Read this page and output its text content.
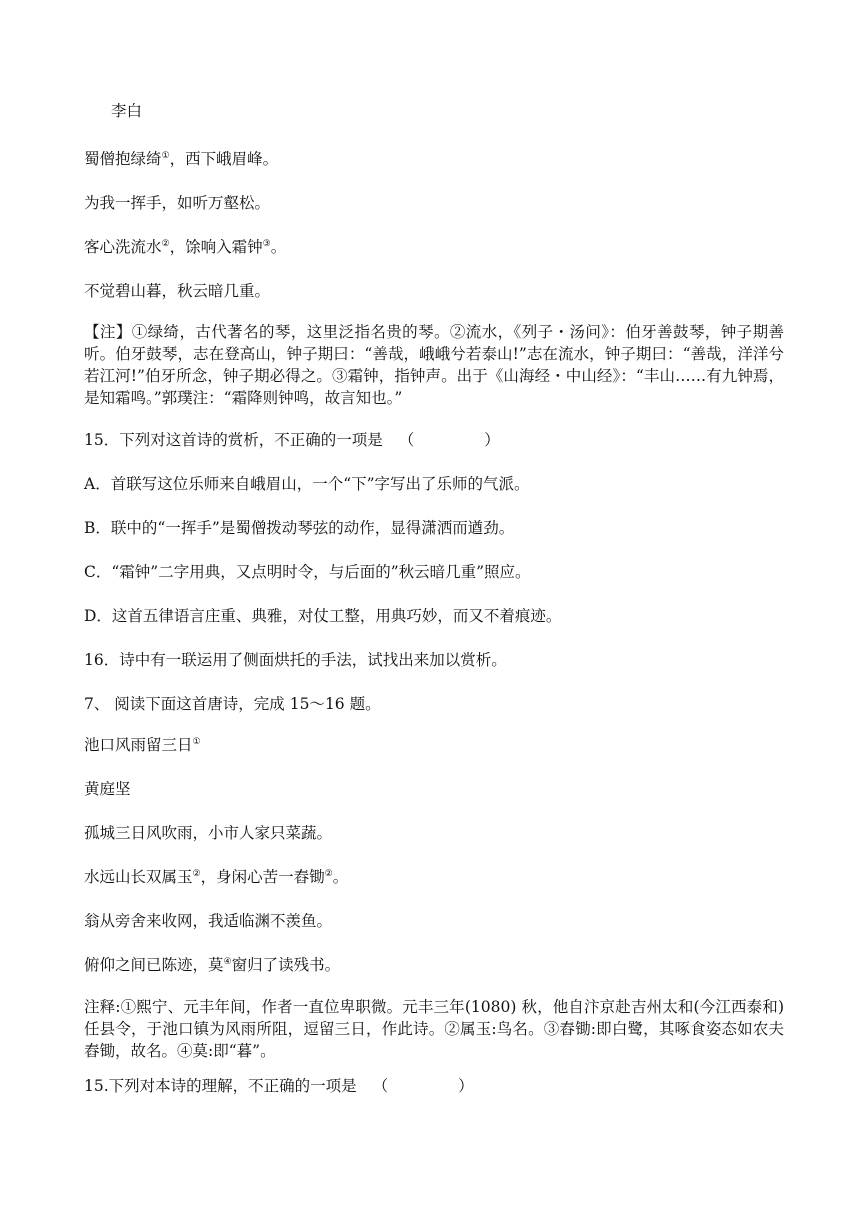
李白
蜀僧抱绿绮①，西下峨眉峰。
为我一挥手，如听万壑松。
客心洗流水②，馀响入霜钟③。
不觉碧山暮，秋云暗几重。
【注】①绿绮，古代著名的琴，这里泛指名贵的琴。②流水，《列子・汤问》：伯牙善鼓琴，钟子期善听。伯牙鼓琴，志在登高山，钟子期曰：“善哉，峨峨兮若泰山!”志在流水，钟子期曰：“善哉，洋洋兮若江河!”伯牙所念，钟子期必得之。③霜钟，指钟声。出于《山海经・中山经》：“丰山……有九钟焉，是知霜鸣。”郭璞注：“霜降则钟鸣，故言知也。”
15．下列对这首诗的赏析，不正确的一项是 （	）
A．首联写这位乐师来自峨眉山，一个“下”字写出了乐师的气派。
B．联中的“一挥手”是蜀僧拨动琴弦的动作，显得潇洒而遒劲。
C．“霜钟”二字用典，又点明时令，与后面的”秋云暗几重”照应。
D．这首五律语言庄重、典雅，对仗工整，用典巧妙，而又不着痕迹。
16．诗中有一联运用了侧面烘托的手法，试找出来加以赏析。
7、 阅读下面这首唐诗，完成 15～16 题。
池口风雨留三日①
黄庭坚
孤城三日风吹雨，小市人家只菜蔬。
水远山长双属玉②，身闲心苦一舂锄②。
翁从旁舍来收网，我适临渊不羡鱼。
俯仰之间已陈迹，莫④窗归了读残书。
注释:①熙宁、元丰年间，作者一直位卑职微。元丰三年(1080) 秋，他自汴京赴吉州太和(今江西泰和)任县令，于池口镇为风雨所阻，逗留三日，作此诗。②属玉:鸟名。③舂锄:即白鹭，其啄食姿态如农夫舂锄，故名。④莫:即“暮”。
15.下列对本诗的理解，不正确的一项是 （	）
